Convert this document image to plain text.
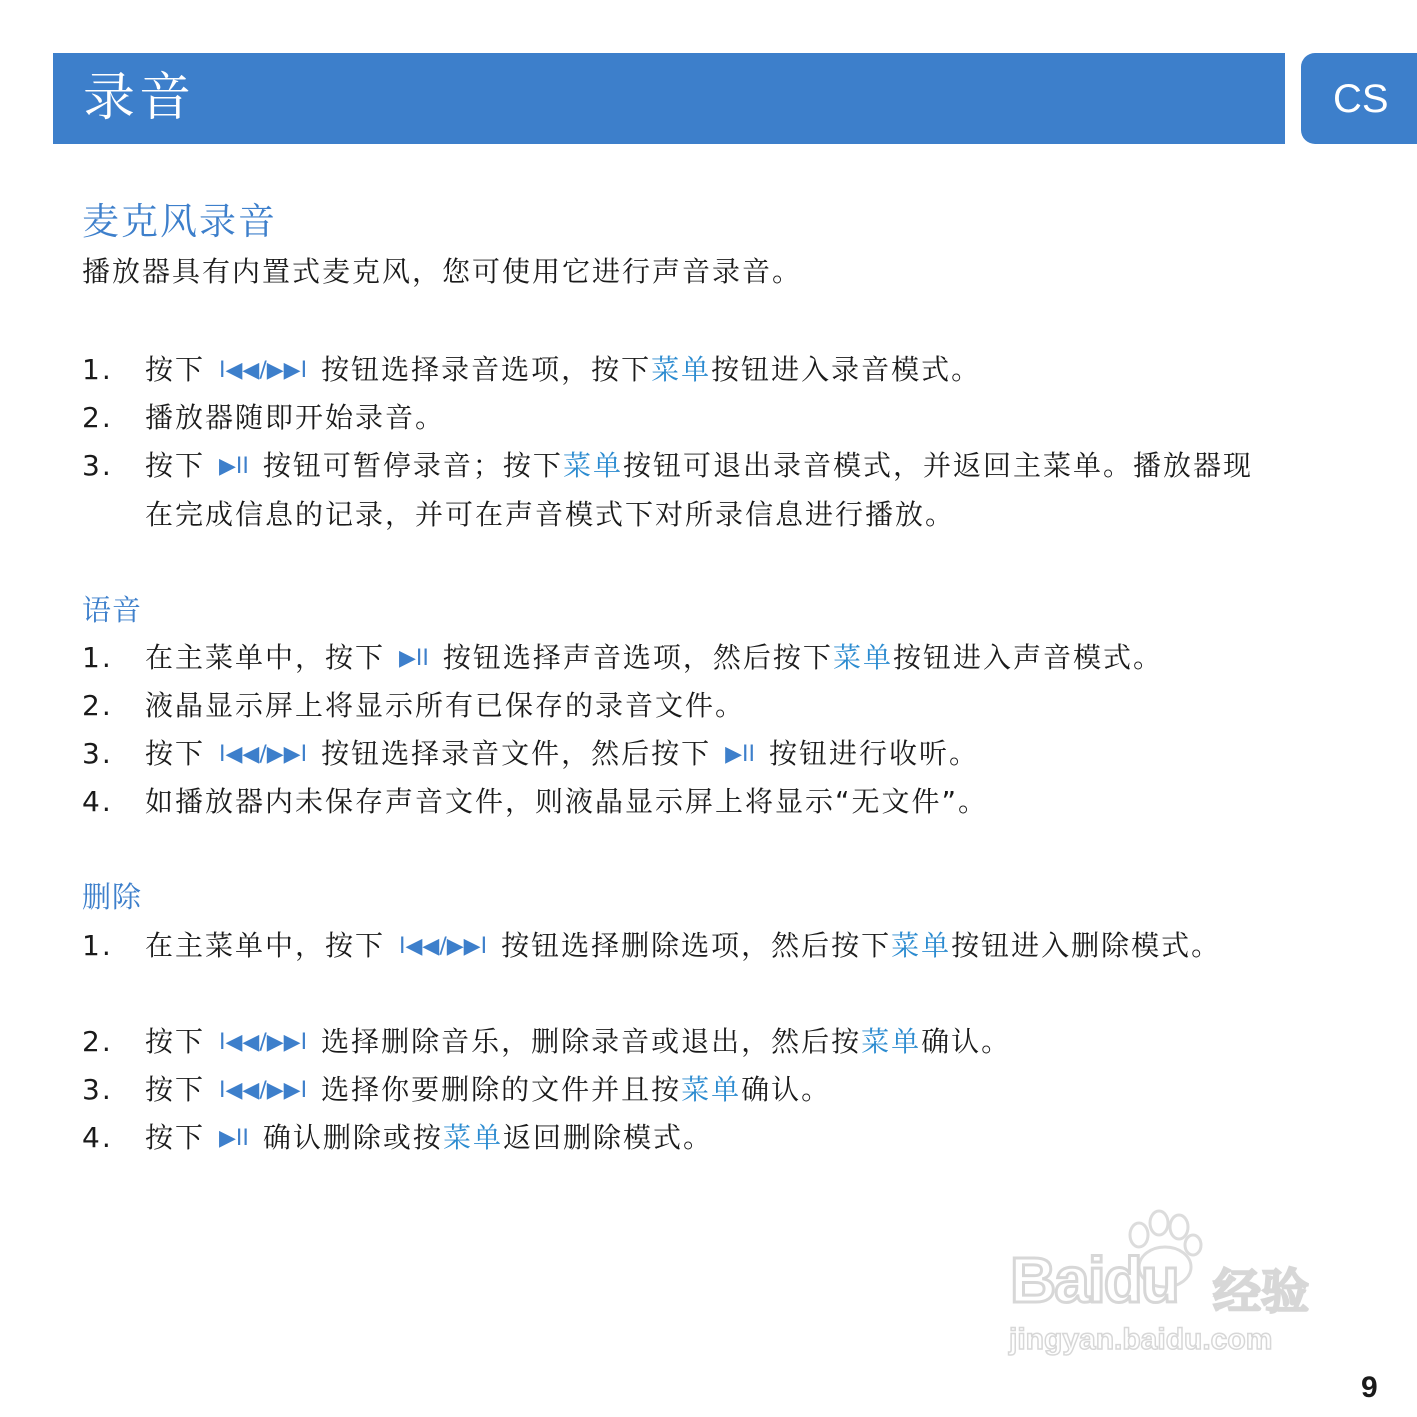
录音	CS
麦克风录音
播放器具有内置式麦克风，您可使用它进行声音录音。
1. 按下 I◀◀/▶▶I 按钮选择录音选项，按下菜单按钮进入录音模式。
2. 播放器随即开始录音。
3. 按下 ▶II 按钮可暂停录音；按下菜单按钮可退出录音模式，并返回主菜单。播放器现在完成信息的记录，并可在声音模式下对所录信息进行播放。
语音
1. 在主菜单中，按下 ▶II 按钮选择声音选项，然后按下菜单按钮进入声音模式。
2. 液晶显示屏上将显示所有已保存的录音文件。
3. 按下 I◀◀/▶▶I 按钮选择录音文件，然后按下 ▶II 按钮进行收听。
4. 如播放器内未保存声音文件，则液晶显示屏上将显示“无文件”。
删除
1. 在主菜单中，按下 I◀◀/▶▶I 按钮选择删除选项，然后按下菜单按钮进入删除模式。
2. 按下 I◀◀/▶▶I 选择删除音乐，删除录音或退出，然后按菜单确认。
3. 按下 I◀◀/▶▶I 选择你要删除的文件并且按菜单确认。
4. 按下 ▶II 确认删除或按菜单返回删除模式。
Baidu 经验
jingyan.baidu.com
9
